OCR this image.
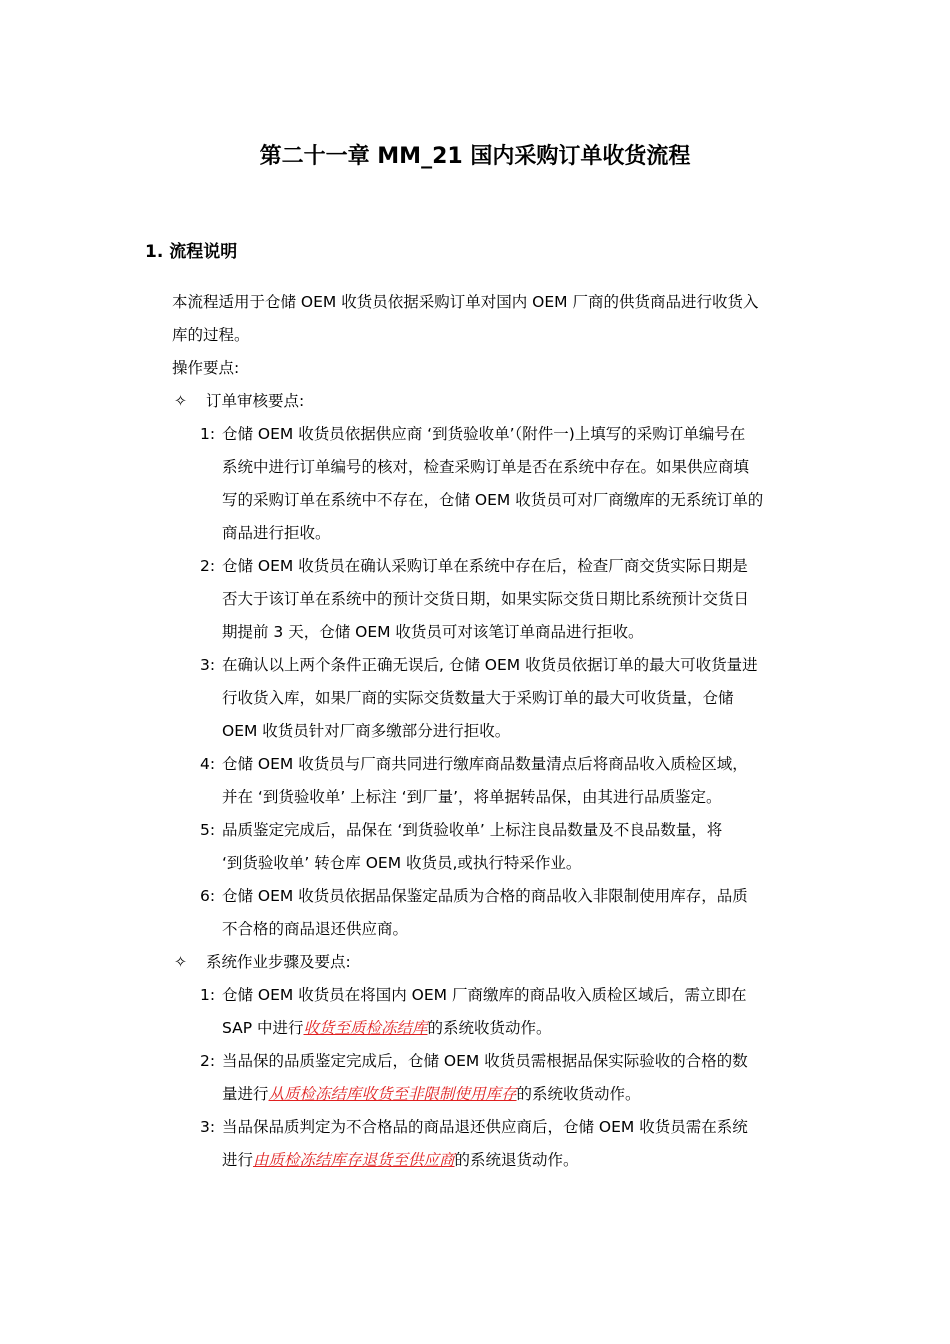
第二十一章 MM_21 国内采购订单收货流程
1. 流程说明

本流程适用于仓储 OEM 收货员依据采购订单对国内 OEM 厂商的供货商品进行收货入

库的过程。

操作要点:

✧ 订单审核要点:

1: 仓储 OEM 收货员依据供应商 ‘到货验收单’（附件一)上填写的采购订单编号在
系统中进行订单编号的核对，检查采购订单是否在系统中存在。如果供应商填
写的采购订单在系统中不存在，仓储 OEM 收货员可对厂商缴库的无系统订单的
商品进行拒收。

2: 仓储 OEM 收货员在确认采购订单在系统中存在后，检查厂商交货实际日期是
否大于该订单在系统中的预计交货日期，如果实际交货日期比系统预计交货日
期提前 3 天，仓储 OEM 收货员可对该笔订单商品进行拒收。

3: 在确认以上两个条件正确无误后, 仓储 OEM 收货员依据订单的最大可收货量进
行收货入库，如果厂商的实际交货数量大于采购订单的最大可收货量，仓储
OEM 收货员针对厂商多缴部分进行拒收。

4: 仓储 OEM 收货员与厂商共同进行缴库商品数量清点后将商品收入质检区域，
并在 ‘到货验收单’ 上标注 ‘到厂量’，将单据转品保，由其进行品质鉴定。

5: 品质鉴定完成后，品保在 ‘到货验收单’ 上标注良品数量及不良品数量，将
‘到货验收单’ 转仓库 OEM 收货员,或执行特采作业。

6: 仓储 OEM 收货员依据品保鉴定品质为合格的商品收入非限制使用库存，品质
不合格的商品退还供应商。

✧ 系统作业步骤及要点:

1: 仓储 OEM 收货员在将国内 OEM 厂商缴库的商品收入质检区域后，需立即在
SAP 中进行收货至质检冻结库的系统收货动作。

2: 当品保的品质鉴定完成后，仓储 OEM 收货员需根据品保实际验收的合格的数
量进行从质检冻结库收货至非限制使用库存的系统收货动作。

3: 当品保品质判定为不合格品的商品退还供应商后，仓储 OEM 收货员需在系统
进行由质检冻结库存退货至供应商的系统退货动作。
